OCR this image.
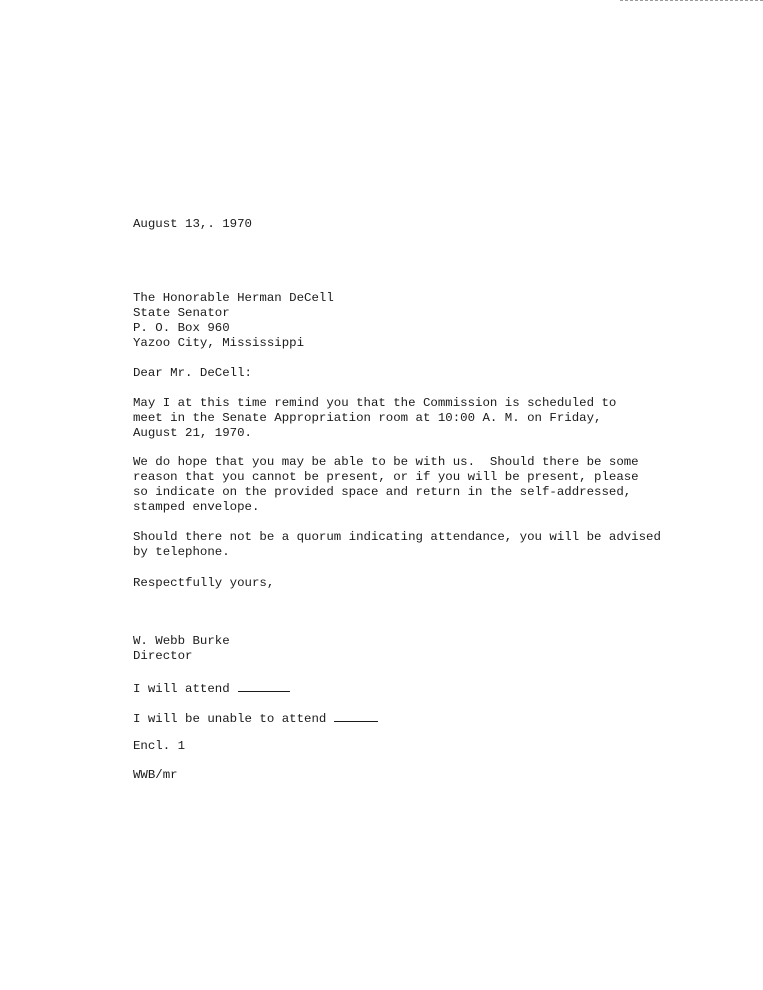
August 13,. 1970
The Honorable Herman DeCell
State Senator
P. O. Box 960
Yazoo City, Mississippi
Dear Mr. DeCell:
May I at this time remind you that the Commission is scheduled to
meet in the Senate Appropriation room at 10:00 A. M. on Friday,
August 21, 1970.
We do hope that you may be able to be with us.  Should there be some
reason that you cannot be present, or if you will be present, please
so indicate on the provided space and return in the self-addressed,
stamped envelope.
Should there not be a quorum indicating attendance, you will be advised
by telephone.
Respectfully yours,
W. Webb Burke
Director
I will attend
I will be unable to attend
Encl. 1
WWB/mr
